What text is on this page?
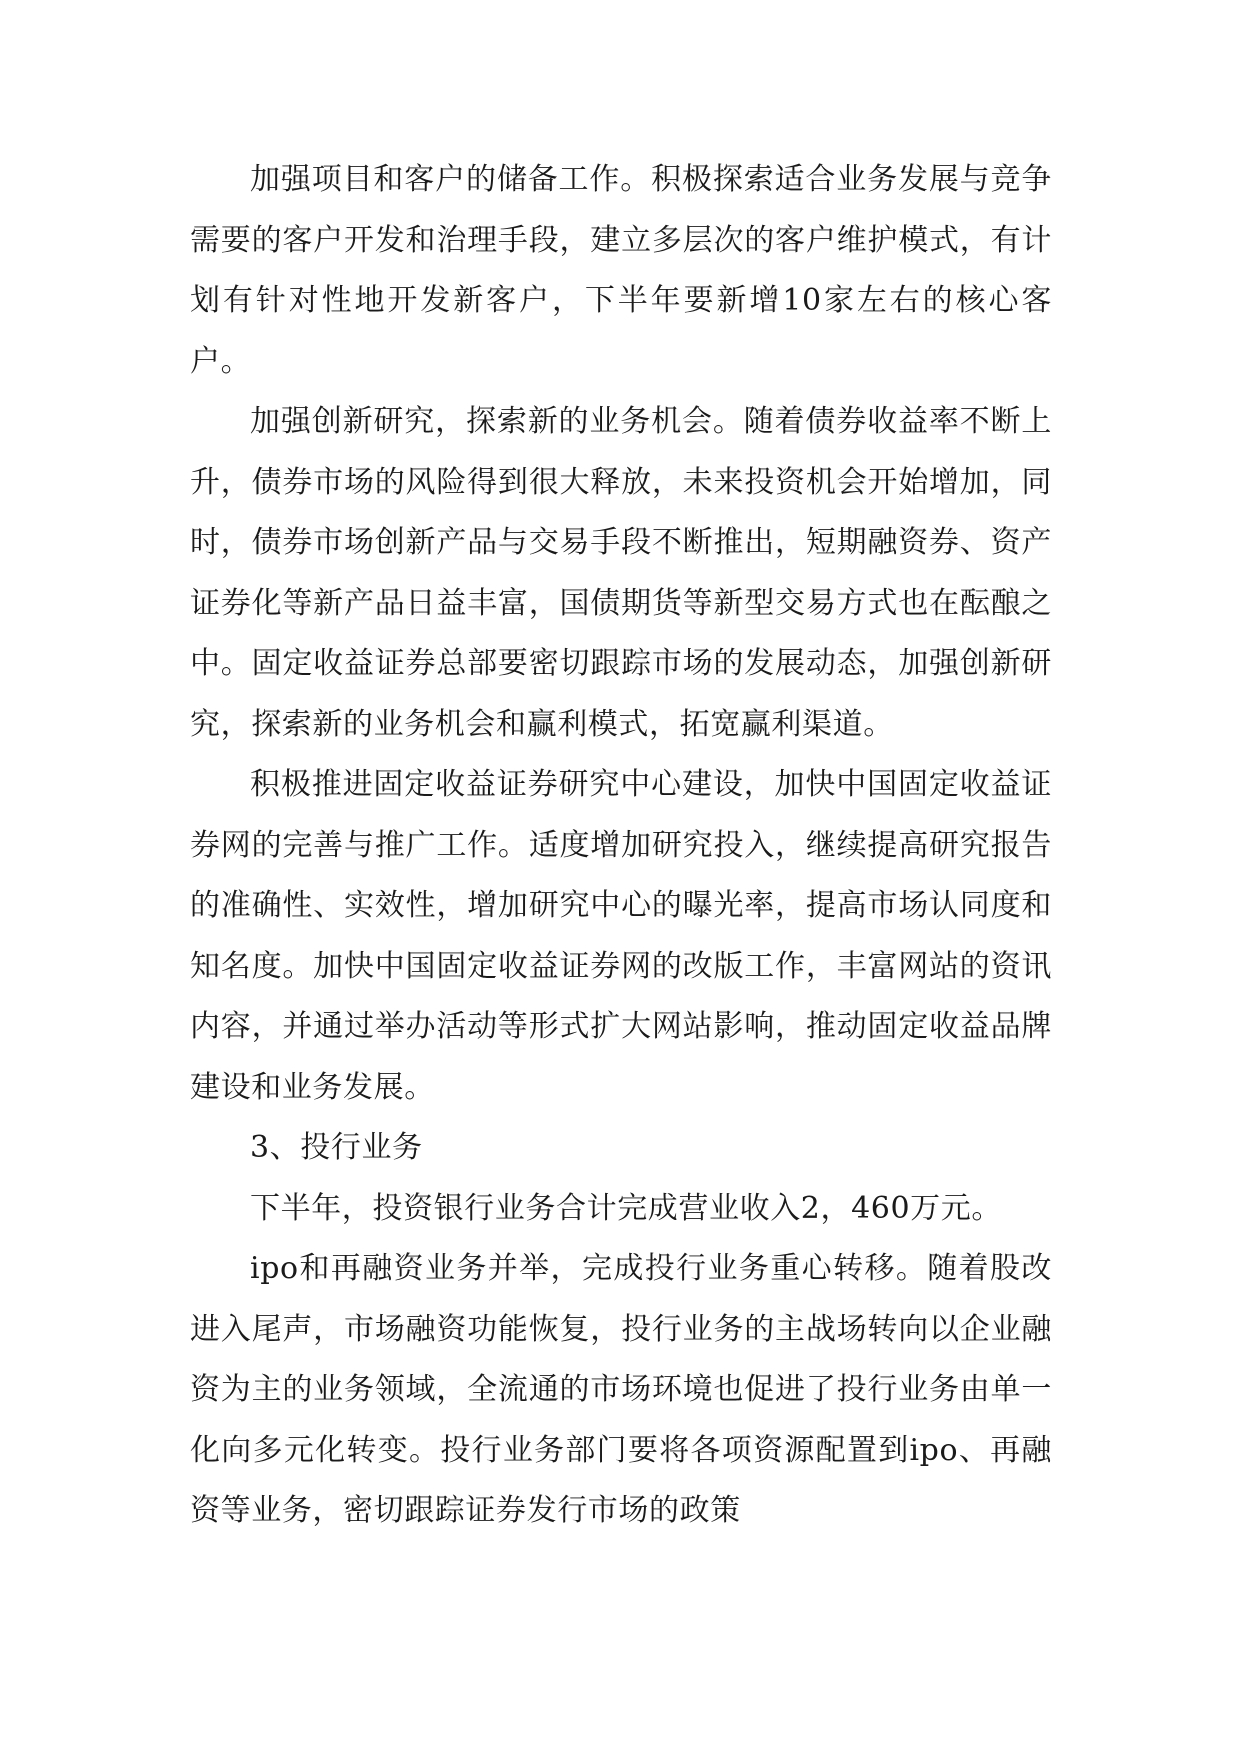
加强项目和客户的储备工作。积极探索适合业务发展与竞争需要的客户开发和治理手段，建立多层次的客户维护模式，有计划有针对性地开发新客户，下半年要新增10家左右的核心客户。

加强创新研究，探索新的业务机会。随着债券收益率不断上升，债券市场的风险得到很大释放，未来投资机会开始增加，同时，债券市场创新产品与交易手段不断推出，短期融资券、资产证券化等新产品日益丰富，国债期货等新型交易方式也在酝酿之中。固定收益证券总部要密切跟踪市场的发展动态，加强创新研究，探索新的业务机会和赢利模式，拓宽赢利渠道。

积极推进固定收益证券研究中心建设，加快中国固定收益证券网的完善与推广工作。适度增加研究投入，继续提高研究报告的准确性、实效性，增加研究中心的曝光率，提高市场认同度和知名度。加快中国固定收益证券网的改版工作，丰富网站的资讯内容，并通过举办活动等形式扩大网站影响，推动固定收益品牌建设和业务发展。

3、投行业务

下半年，投资银行业务合计完成营业收入2，460万元。

ipo和再融资业务并举，完成投行业务重心转移。随着股改进入尾声，市场融资功能恢复，投行业务的主战场转向以企业融资为主的业务领域，全流通的市场环境也促进了投行业务由单一化向多元化转变。投行业务部门要将各项资源配置到ipo、再融资等业务，密切跟踪证券发行市场的政策
